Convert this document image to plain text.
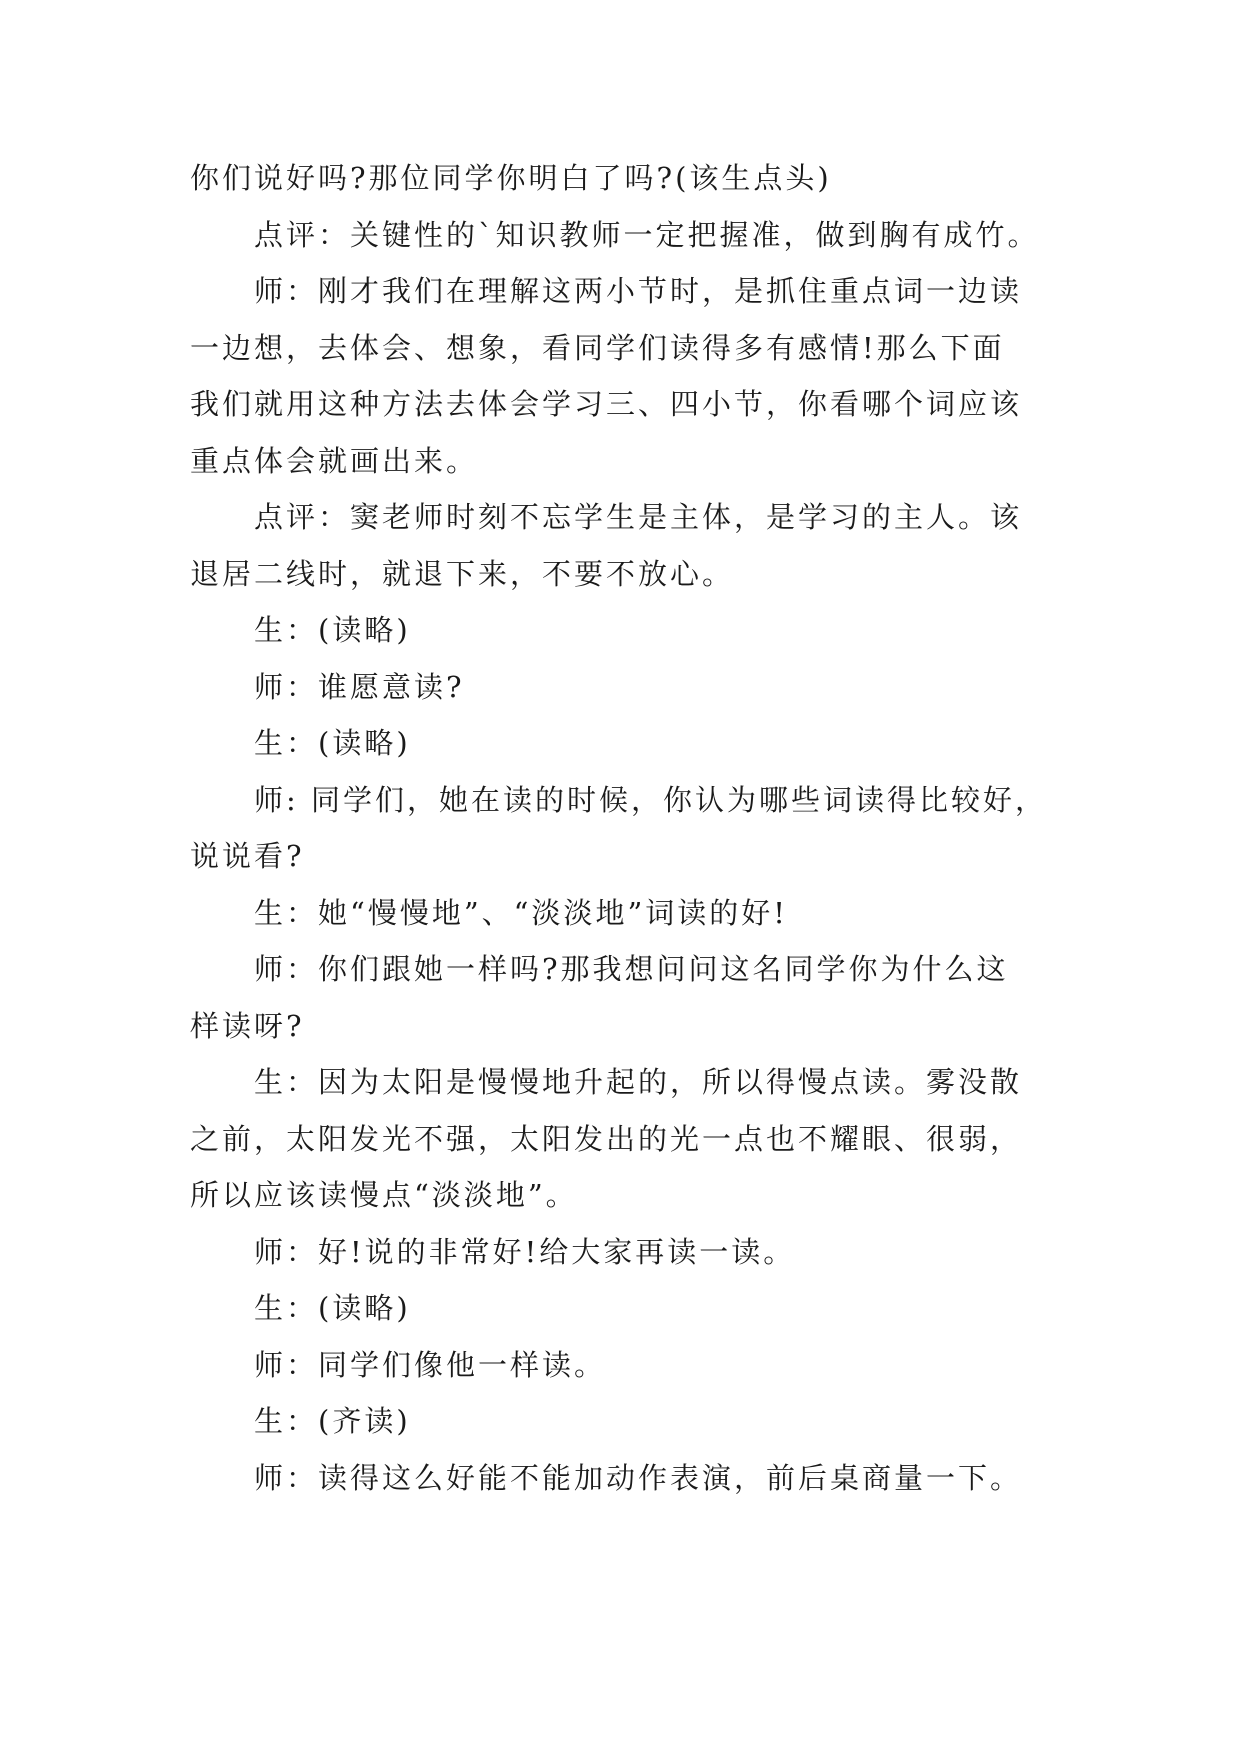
你们说好吗?那位同学你明白了吗?(该生点头)
点评：关键性的`知识教师一定把握准，做到胸有成竹。
师：刚才我们在理解这两小节时，是抓住重点词一边读
一边想，去体会、想象，看同学们读得多有感情!那么下面
我们就用这种方法去体会学习三、四小节，你看哪个词应该
重点体会就画出来。
点评：窦老师时刻不忘学生是主体，是学习的主人。该
退居二线时，就退下来，不要不放心。
生：(读略)
师：谁愿意读?
生：(读略)
师: 同学们，她在读的时候，你认为哪些词读得比较好，
说说看?
生：她“慢慢地”、“淡淡地”词读的好!
师：你们跟她一样吗?那我想问问这名同学你为什么这
样读呀?
生：因为太阳是慢慢地升起的，所以得慢点读。雾没散
之前，太阳发光不强，太阳发出的光一点也不耀眼、很弱，
所以应该读慢点“淡淡地”。
师：好!说的非常好!给大家再读一读。
生：(读略)
师：同学们像他一样读。
生：(齐读)
师：读得这么好能不能加动作表演，前后桌商量一下。
